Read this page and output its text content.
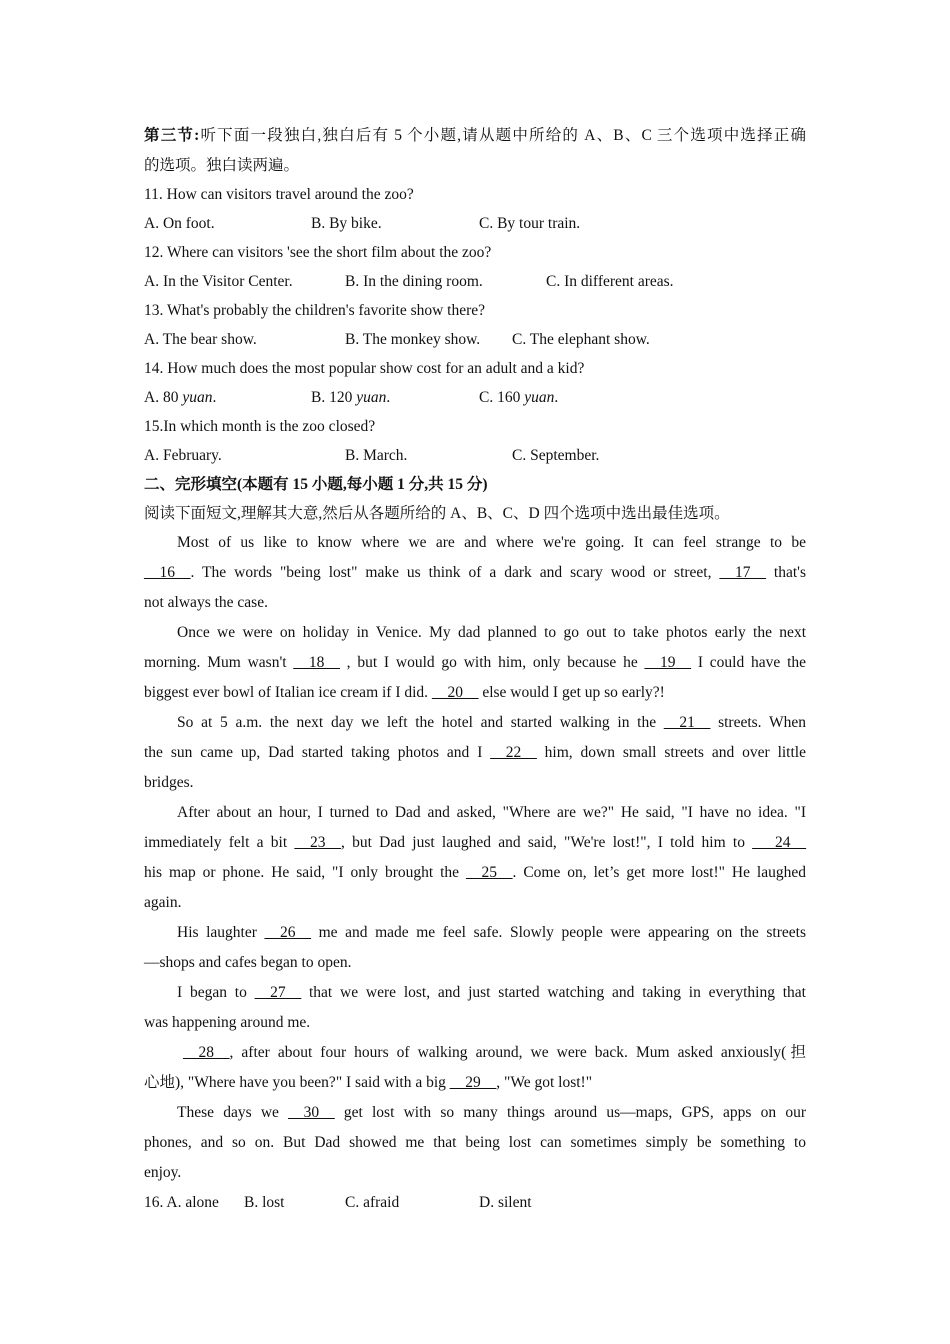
第三节:听下面一段独白,独白后有 5 个小题,请从题中所给的 A、B、C 三个选项中选择正确
的选项。独白读两遍。
11. How can visitors travel around the zoo?
A. On foot.	B. By bike.	C. By tour train.
12. Where can visitors 'see the short film about the zoo?
A. In the Visitor Center.	B. In the dining room.	C. In different areas.
13. What's probably the children's favorite show there?
A. The bear show.	B. The monkey show. C. The elephant show.
14. How much does the most popular show cost for an adult and a kid?
A. 80 yuan.	B. 120 yuan.	C. 160 yuan.
15.In which month is the zoo closed?
A. February.	B. March.	C. September.
二、完形填空(本题有 15 小题,每小题 1 分,共 15 分)
阅读下面短文,理解其大意,然后从各题所给的 A、B、C、D 四个选项中选出最佳选项。
Most of us like to know where we are and where we're going. It can feel strange to be
__16__. The words "being lost" make us think of a dark and scary wood or street, __17__ that's
not always the case.
Once we were on holiday in Venice. My dad planned to go out to take photos early the next
morning. Mum wasn't __18__ , but I would go with him, only because he __19__ I could have the
biggest ever bowl of Italian ice cream if I did. __20__ else would I get up so early?!
So at 5 a.m. the next day we left the hotel and started walking in the __21__ streets. When
the sun came up, Dad started taking photos and I __22__ him, down small streets and over little
bridges.
After about an hour, I turned to Dad and asked, "Where are we?" He said, "I have no idea. "I
immediately felt a bit __23__, but Dad just laughed and said, "We're lost!", I told him to _ _24__
his map or phone. He said, "I only brought the __25__. Come on, let’s get more lost!" He laughed
again.
His laughter __26__ me and made me feel safe. Slowly people were appearing on the streets
—shops and cafes began to open.
I began to __27__ that we were lost, and just started watching and taking in everything that
was happening around me.
__28__, after about four hours of walking around, we were back. Mum asked anxiously(担
心地), "Where have you been?" I said with a big __29__, "We got lost!"
These days we __30__ get lost with so many things around us—maps, GPS, apps on our
phones, and so on. But Dad showed me that being lost can sometimes simply be something to
enjoy.
16. A. alone B. lost	C. afraid	D. silent
